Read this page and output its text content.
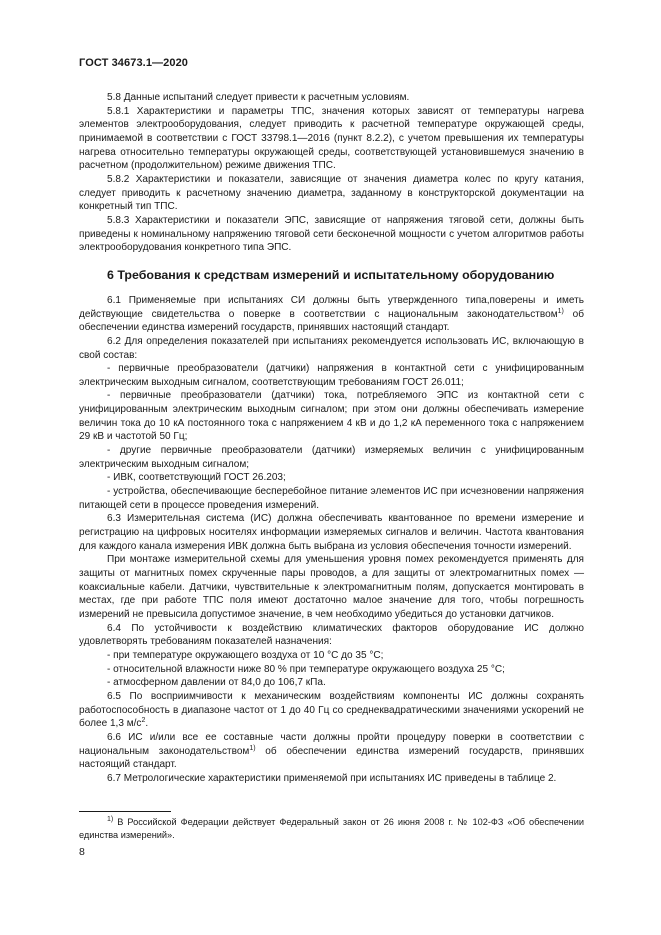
ГОСТ 34673.1—2020

5.8 Данные испытаний следует привести к расчетным условиям.

5.8.1 Характеристики и параметры ТПС, значения которых зависят от температуры нагрева элементов электрооборудования, следует приводить к расчетной температуре окружающей среды, принимаемой в соответствии с ГОСТ 33798.1—2016 (пункт 8.2.2), с учетом превышения их температуры нагрева относительно температуры окружающей среды, соответствующей установившемуся значению в расчетном (продолжительном) режиме движения ТПС.

5.8.2 Характеристики и показатели, зависящие от значения диаметра колес по кругу катания, следует приводить к расчетному значению диаметра, заданному в конструкторской документации на конкретный тип ТПС.

5.8.3 Характеристики и показатели ЭПС, зависящие от напряжения тяговой сети, должны быть приведены к номинальному напряжению тяговой сети бесконечной мощности с учетом алгоритмов работы электрооборудования конкретного типа ЭПС.

6 Требования к средствам измерений и испытательному оборудованию

6.1 Применяемые при испытаниях СИ должны быть утвержденного типа,поверены и иметь действующие свидетельства о поверке в соответствии с национальным законодательством$^{1)}$ об обеспечении единства измерений государств, принявших настоящий стандарт.

6.2 Для определения показателей при испытаниях рекомендуется использовать ИС, включающую в свой состав:

- первичные преобразователи (датчики) напряжения в контактной сети с унифицированным электрическим выходным сигналом, соответствующим требованиям ГОСТ 26.011;

- первичные преобразователи (датчики) тока, потребляемого ЭПС из контактной сети с унифицированным электрическим выходным сигналом; при этом они должны обеспечивать измерение величин тока до 10 кА постоянного тока с напряжением 4 кВ и до 1,2 кА переменного тока с напряжением 29 кВ и частотой 50 Гц;

- другие первичные преобразователи (датчики) измеряемых величин с унифицированным электрическим выходным сигналом;

- ИВК, соответствующий ГОСТ 26.203;

- устройства, обеспечивающие бесперебойное питание элементов ИС при исчезновении напряжения питающей сети в процессе проведения измерений.

6.3 Измерительная система (ИС) должна обеспечивать квантованное по времени измерение и регистрацию на цифровых носителях информации измеряемых сигналов и величин. Частота квантования для каждого канала измерения ИВК должна быть выбрана из условия обеспечения точности измерений.

При монтаже измерительной схемы для уменьшения уровня помех рекомендуется применять для защиты от магнитных помех скрученные пары проводов, а для защиты от электромагнитных помех — коаксиальные кабели. Датчики, чувствительные к электромагнитным полям, допускается монтировать в местах, где при работе ТПС поля имеют достаточно малое значение для того, чтобы погрешность измерений не превысила допустимое значение, в чем необходимо убедиться до установки датчиков.

6.4 По устойчивости к воздействию климатических факторов оборудование ИС должно удовлетворять требованиям показателей назначения:

- при температуре окружающего воздуха от 10 °С до 35 °С;

- относительной влажности ниже 80 % при температуре окружающего воздуха 25 °С;

- атмосферном давлении от 84,0 до 106,7 кПа.

6.5 По восприимчивости к механическим воздействиям компоненты ИС должны сохранять работоспособность в диапазоне частот от 1 до 40 Гц со среднеквадратическими значениями ускорений не более 1,3 $м/с^2$.

6.6 ИС и/или все ее составные части должны пройти процедуру поверки в соответствии с национальным законодательством$^{1)}$ об обеспечении единства измерений государств, принявших настоящий стандарт.

6.7 Метрологические характеристики применяемой при испытаниях ИС приведены в таблице 2.

$^{1)}$ В Российской Федерации действует Федеральный закон от 26 июня 2008 г. № 102-ФЗ «Об обеспечении единства измерений».
8
